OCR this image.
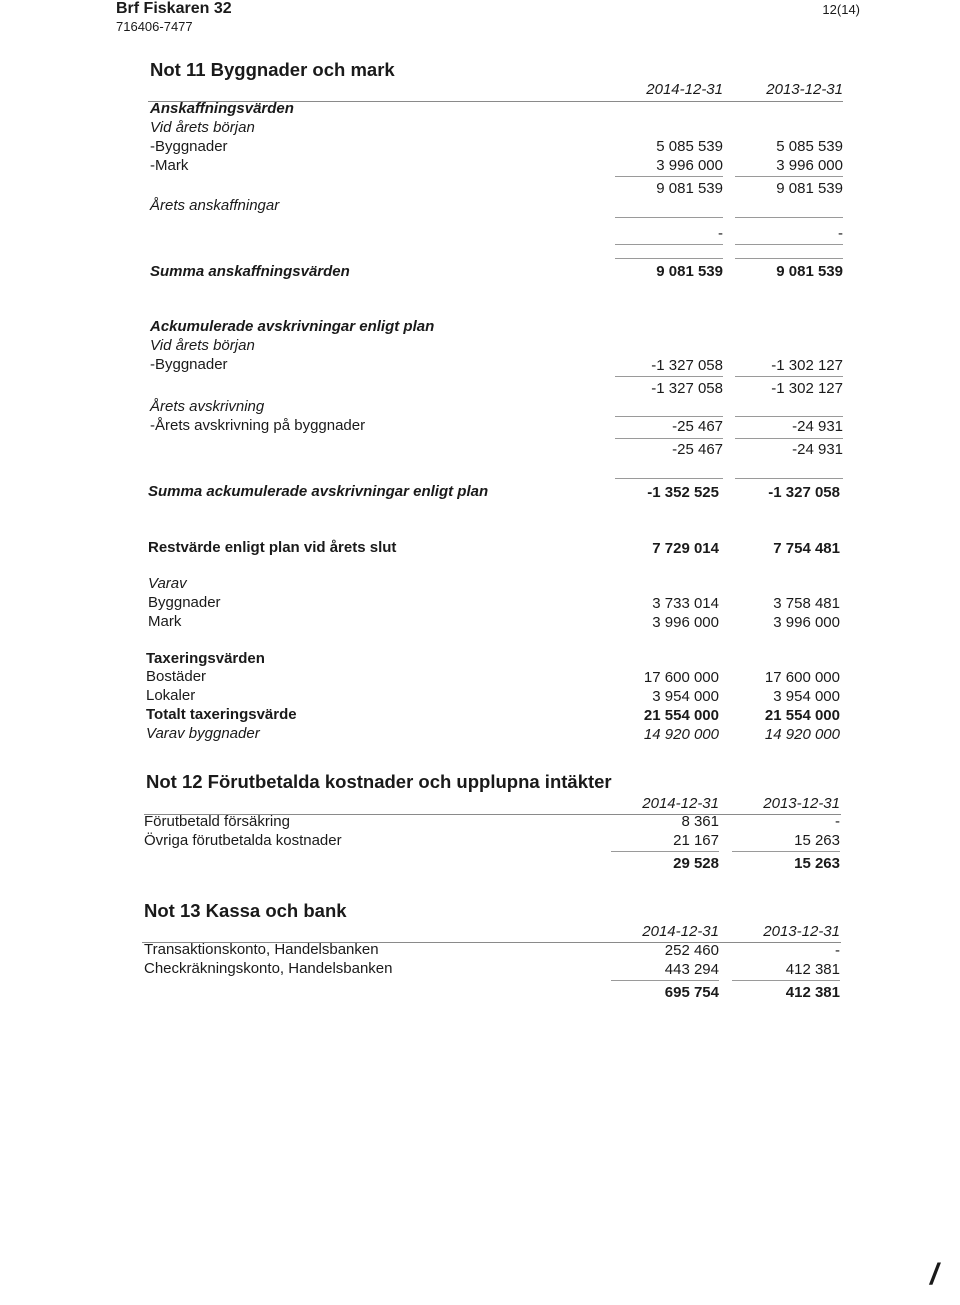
Brf Fiskaren 32
716406-7477
12(14)
Not 11 Byggnader och mark
2014-12-31	2013-12-31
Anskaffningsvärden
Vid årets början
-Byggnader	5 085 539	5 085 539
-Mark	3 996 000	3 996 000
9 081 539	9 081 539
Årets anskaffningar
-	-
Summa anskaffningsvärden	9 081 539	9 081 539
Ackumulerade avskrivningar enligt plan
Vid årets början
-Byggnader	-1 327 058	-1 302 127
-1 327 058	-1 302 127
Årets avskrivning
-Årets avskrivning på byggnader	-25 467	-24 931
-25 467	-24 931
Summa ackumulerade avskrivningar enligt plan	-1 352 525	-1 327 058
Restvärde enligt plan vid årets slut	7 729 014	7 754 481
Varav
Byggnader	3 733 014	3 758 481
Mark	3 996 000	3 996 000
Taxeringsvärden
Bostäder	17 600 000	17 600 000
Lokaler	3 954 000	3 954 000
Totalt taxeringsvärde	21 554 000	21 554 000
Varav byggnader	14 920 000	14 920 000
Not 12 Förutbetalda kostnader och upplupna intäkter
2014-12-31	2013-12-31
Förutbetald försäkring	8 361	-
Övriga förutbetalda kostnader	21 167	15 263
29 528	15 263
Not 13 Kassa och bank
2014-12-31	2013-12-31
Transaktionskonto, Handelsbanken	252 460	-
Checkräkningskonto, Handelsbanken	443 294	412 381
695 754	412 381
/
